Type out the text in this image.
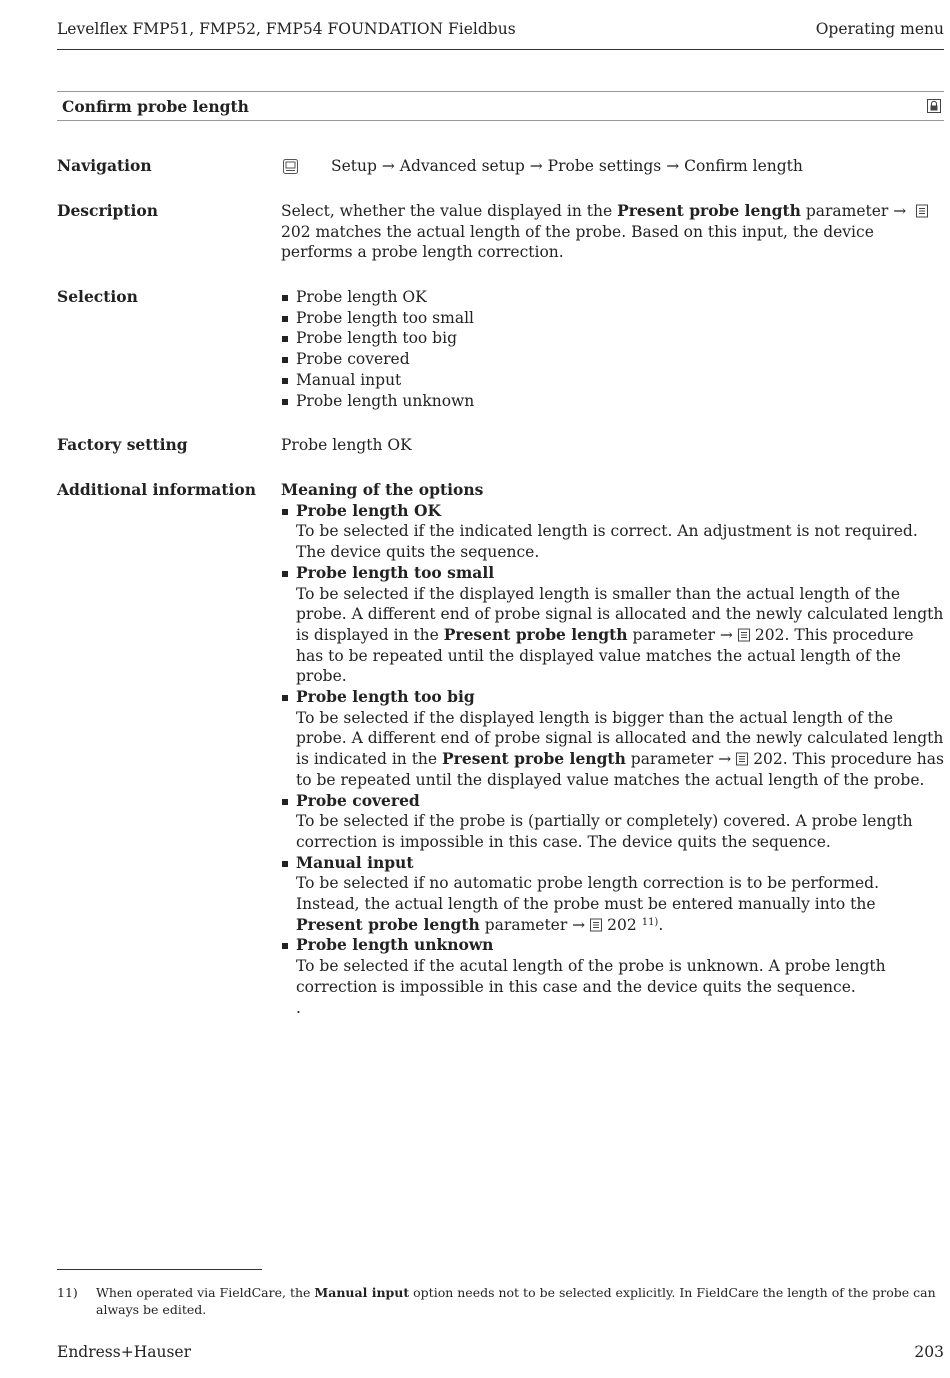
Levelflex FMP51, FMP52, FMP54 FOUNDATION Fieldbus	Operating menu
Confirm probe length
Navigation	Setup → Advanced setup → Probe settings → Confirm length
Description	Select, whether the value displayed in the Present probe length parameter → 202 matches the actual length of the probe. Based on this input, the device performs a probe length correction.
Selection	Probe length OK
Probe length too small
Probe length too big
Probe covered
Manual input
Probe length unknown
Factory setting	Probe length OK
Additional information	Meaning of the options
Probe length OK
To be selected if the indicated length is correct. An adjustment is not required. The device quits the sequence.
Probe length too small
To be selected if the displayed length is smaller than the actual length of the probe. A different end of probe signal is allocated and the newly calculated length is displayed in the Present probe length parameter → 202. This procedure has to be repeated until the displayed value matches the actual length of the probe.
Probe length too big
To be selected if the displayed length is bigger than the actual length of the probe. A different end of probe signal is allocated and the newly calculated length is indicated in the Present probe length parameter → 202. This procedure has to be repeated until the displayed value matches the actual length of the probe.
Probe covered
To be selected if the probe is (partially or completely) covered. A probe length correction is impossible in this case. The device quits the sequence.
Manual input
To be selected if no automatic probe length correction is to be performed. Instead, the actual length of the probe must be entered manually into the Present probe length parameter → 202 $^{11)}$.
Probe length unknown
To be selected if the acutal length of the probe is unknown. A probe length correction is impossible in this case and the device quits the sequence.
.
11) When operated via FieldCare, the Manual input option needs not to be selected explicitly. In FieldCare the length of the probe can always be edited.
Endress+Hauser	203
